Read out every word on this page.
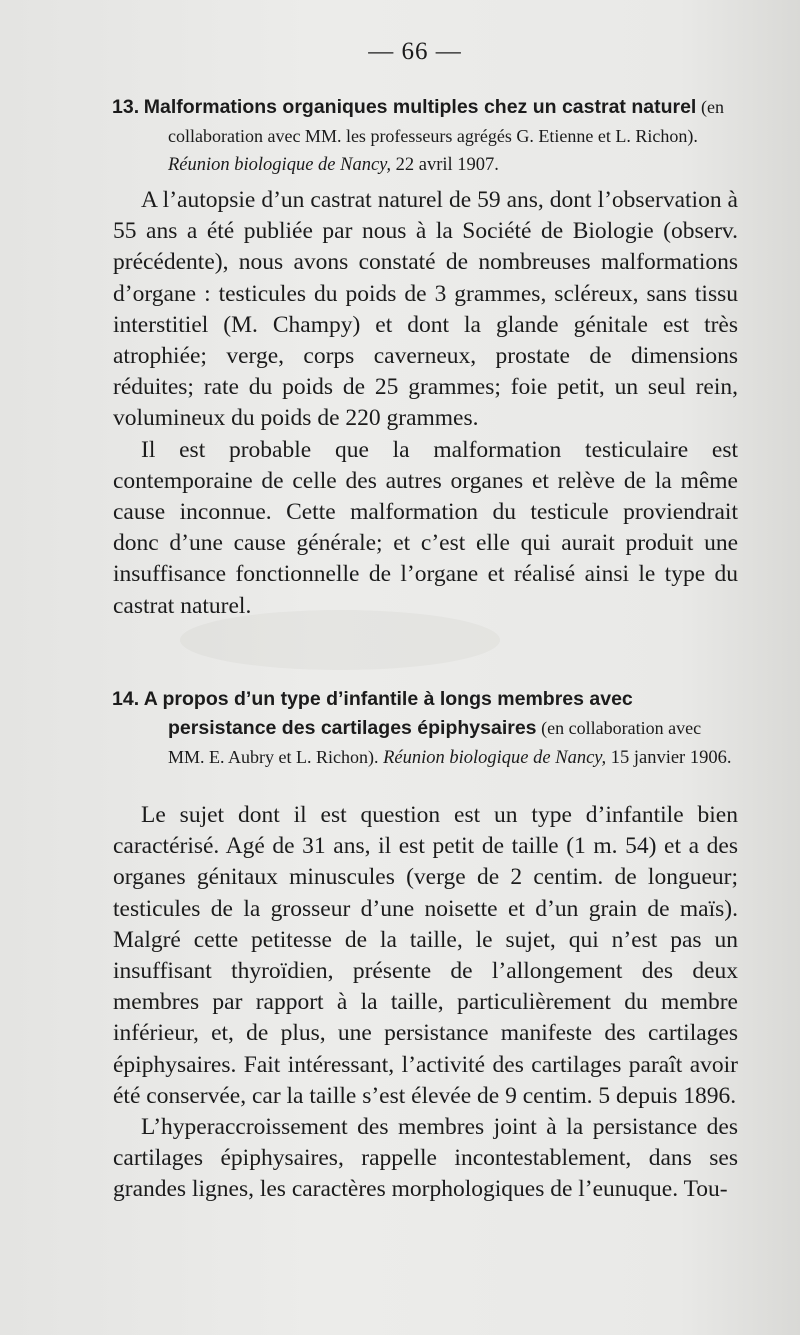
— 66 —
13. Malformations organiques multiples chez un castrat naturel (en collaboration avec MM. les professeurs agrégés G. Etienne et L. Richon). Réunion biologique de Nancy, 22 avril 1907.

A l’autopsie d’un castrat naturel de 59 ans, dont l’observation à 55 ans a été publiée par nous à la Société de Biologie (observ. précédente), nous avons constaté de nombreuses malformations d’organe : testicules du poids de 3 grammes, scléreux, sans tissu interstitiel (M. Champy) et dont la glande génitale est très atrophiée; verge, corps caverneux, prostate de dimensions réduites; rate du poids de 25 grammes; foie petit, un seul rein, volumineux du poids de 220 grammes.

Il est probable que la malformation testiculaire est contemporaine de celle des autres organes et relève de la même cause inconnue. Cette malformation du testicule proviendrait donc d’une cause générale; et c’est elle qui aurait produit une insuffisance fonctionnelle de l’organe et réalisé ainsi le type du castrat naturel.

14. A propos d’un type d’infantile à longs membres avec persistance des cartilages épiphysaires (en collaboration avec MM. E. Aubry et L. Richon). Réunion biologique de Nancy, 15 janvier 1906.

Le sujet dont il est question est un type d’infantile bien caractérisé. Agé de 31 ans, il est petit de taille (1 m. 54) et a des organes génitaux minuscules (verge de 2 centim. de longueur; testicules de la grosseur d’une noisette et d’un grain de maïs). Malgré cette petitesse de la taille, le sujet, qui n’est pas un insuffisant thyroïdien, présente de l’allongement des deux membres par rapport à la taille, particulièrement du membre inférieur, et, de plus, une persistance manifeste des cartilages épiphysaires. Fait intéressant, l’activité des cartilages paraît avoir été conservée, car la taille s’est élevée de 9 centim. 5 depuis 1896.

L’hyperaccroissement des membres joint à la persistance des cartilages épiphysaires, rappelle incontestablement, dans ses grandes lignes, les caractères morphologiques de l’eunuque. Tou-
